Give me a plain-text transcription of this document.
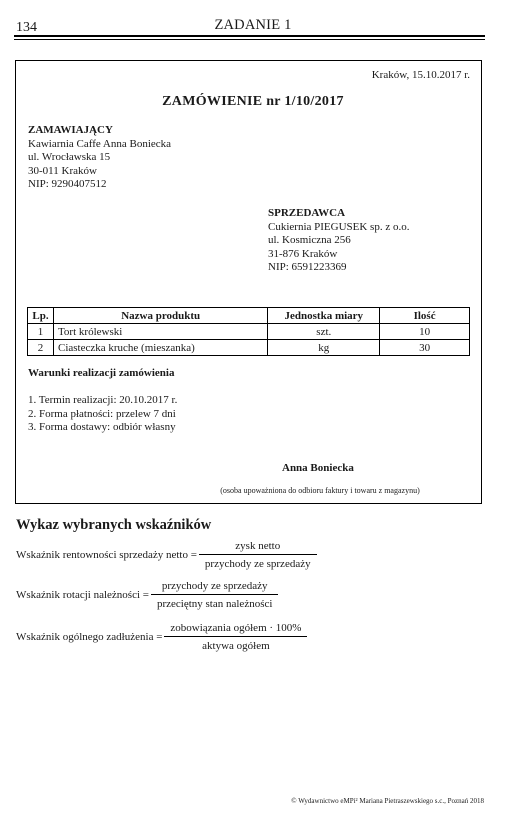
134	ZADANIE 1
Kraków, 15.10.2017 r.
ZAMÓWIENIE nr 1/10/2017
ZAMAWIAJĄCY
Kawiarnia Caffe Anna Boniecka
ul. Wrocławska 15
30-011 Kraków
NIP: 9290407512
SPRZEDAWCA
Cukiernia PIEGUSEK sp. z o.o.
ul. Kosmiczna 256
31-876 Kraków
NIP: 6591223369
Lp.	Nazwa produktu	Jednostka miary	Ilość
1	Tort królewski	szt.	10
2	Ciasteczka kruche (mieszanka)	kg	30
Warunki realizacji zamówienia
1. Termin realizacji: 20.10.2017 r.
2. Forma płatności: przelew 7 dni
3. Forma dostawy: odbiór własny
Anna Boniecka
(osoba upoważniona do odbioru faktury i towaru z magazynu)
Wykaz wybranych wskaźników
Wskaźnik rentowności sprzedaży netto = $\frac{\text{zysk netto}}{\text{przychody ze sprzedaży}}$
Wskaźnik rotacji należności = $\frac{\text{przychody ze sprzedaży}}{\text{przeciętny stan należności}}$
Wskaźnik ogólnego zadłużenia = $\frac{\text{zobowiązania ogółem · 100\%}}{\text{aktywa ogółem}}$
© Wydawnictwo eMPi² Mariana Pietraszewskiego s.c., Poznań 2018
